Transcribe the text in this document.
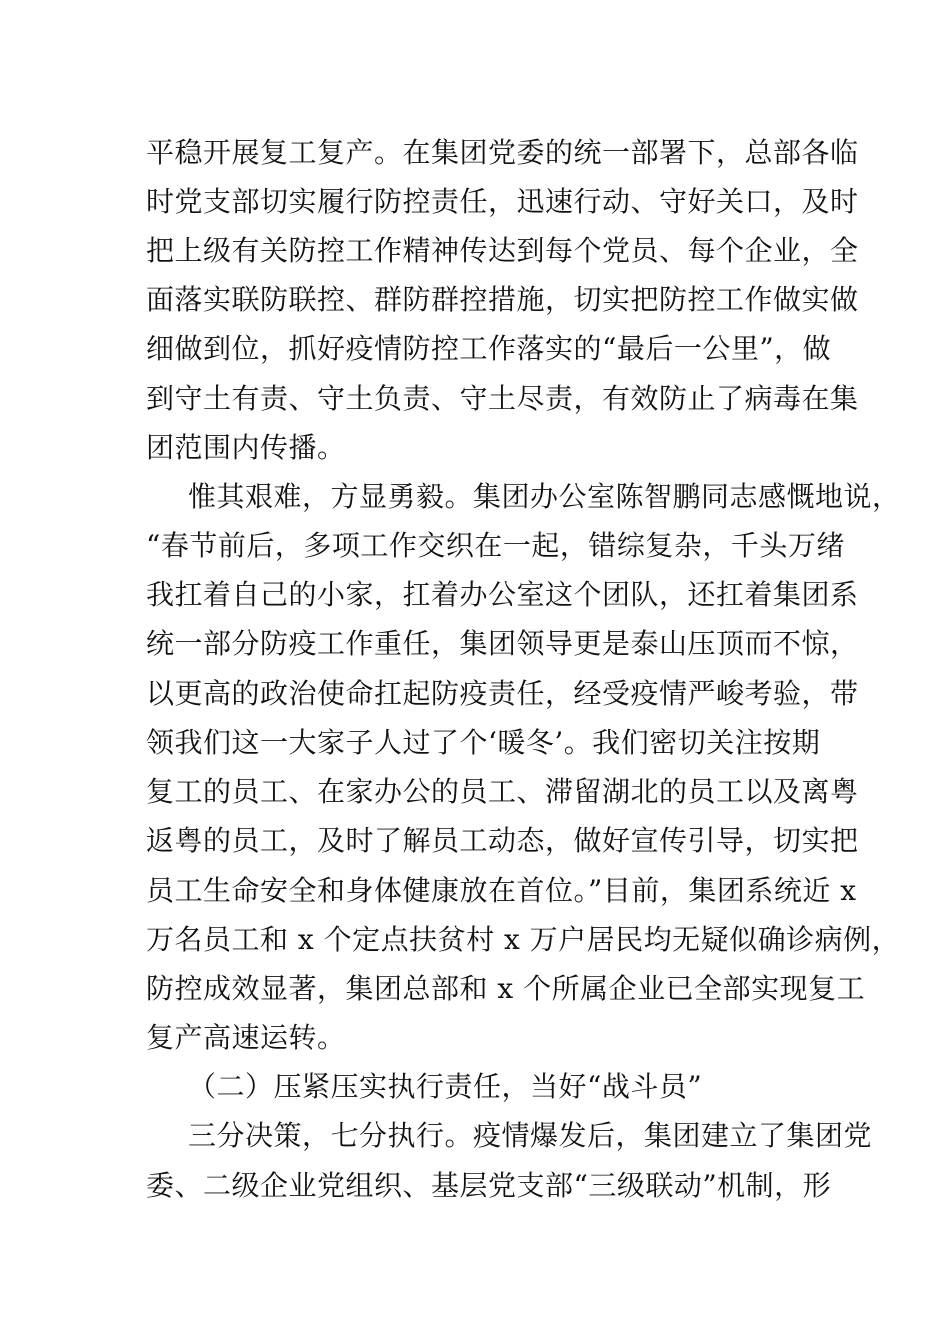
平稳开展复工复产。在集团党委的统一部署下，总部各临
时党支部切实履行防控责任，迅速行动、守好关口，及时
把上级有关防控工作精神传达到每个党员、每个企业，全
面落实联防联控、群防群控措施，切实把防控工作做实做
细做到位，抓好疫情防控工作落实的“最后一公里”，做
到守土有责、守土负责、守土尽责，有效防止了病毒在集
团范围内传播。
惟其艰难，方显勇毅。集团办公室陈智鹏同志感慨地说，
“春节前后，多项工作交织在一起，错综复杂，千头万绪
我扛着自己的小家，扛着办公室这个团队，还扛着集团系
统一部分防疫工作重任，集团领导更是泰山压顶而不惊，
以更高的政治使命扛起防疫责任，经受疫情严峻考验，带
领我们这一大家子人过了个‘暖冬’。我们密切关注按期
复工的员工、在家办公的员工、滞留湖北的员工以及离粤
返粤的员工，及时了解员工动态，做好宣传引导，切实把
员工生命安全和身体健康放在首位。”目前，集团系统近 x
万名员工和 x 个定点扶贫村 x 万户居民均无疑似确诊病例，
防控成效显著，集团总部和 x 个所属企业已全部实现复工
复产高速运转。
（二）压紧压实执行责任，当好“战斗员”
三分决策，七分执行。疫情爆发后，集团建立了集团党
委、二级企业党组织、基层党支部“三级联动”机制，形
